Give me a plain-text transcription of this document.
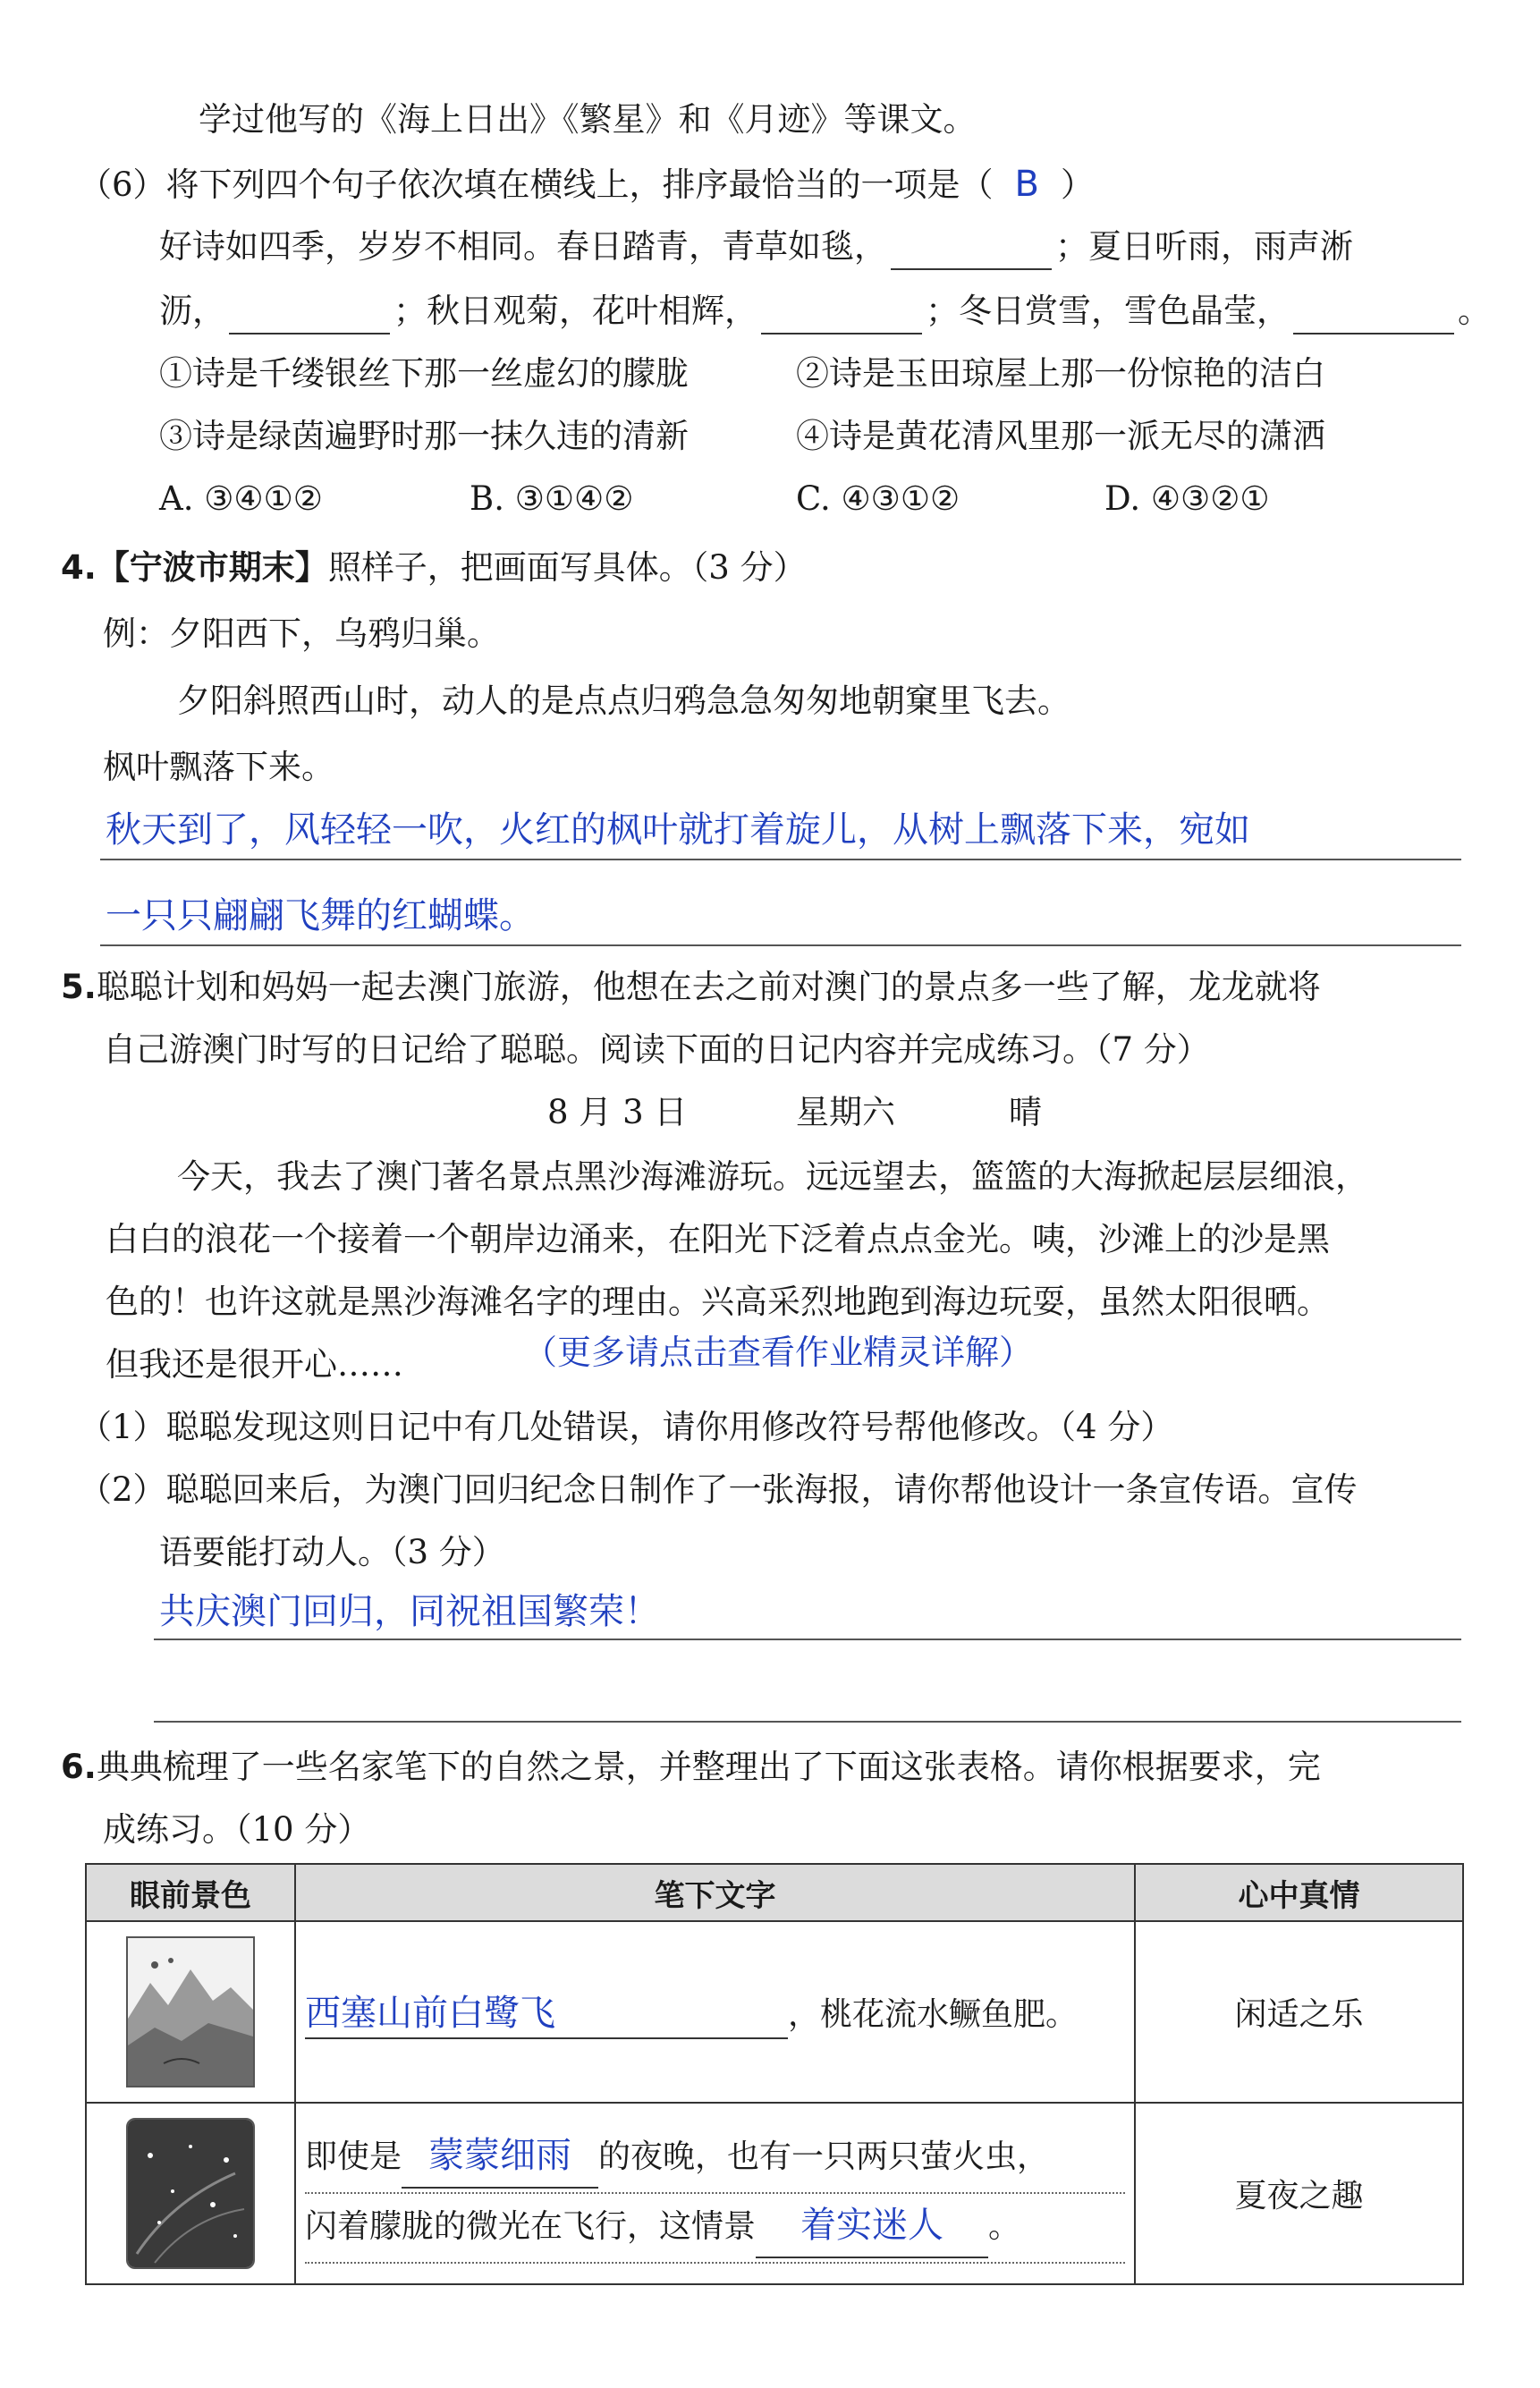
学过他写的《海上日出》《繁星》和《月迹》等课文。
（6）将下列四个句子依次填在横线上，排序最恰当的一项是（ B ）
好诗如四季，岁岁不相同。春日踏青，青草如毯，	；夏日听雨，雨声淅
沥，	；秋日观菊，花叶相辉，	；冬日赏雪，雪色晶莹，	。
①诗是千缕银丝下那一丝虚幻的朦胧	②诗是玉田琼屋上那一份惊艳的洁白
③诗是绿茵遍野时那一抹久违的清新	④诗是黄花清风里那一派无尽的潇洒
A. ③④①②	B. ③①④②	C. ④③①②	D. ④③②①
4.【宁波市期末】照样子，把画面写具体。（3 分）
例：夕阳西下，乌鸦归巢。
夕阳斜照西山时，动人的是点点归鸦急急匆匆地朝窠里飞去。
枫叶飘落下来。
秋天到了，风轻轻一吹，火红的枫叶就打着旋儿，从树上飘落下来，宛如
一只只翩翩飞舞的红蝴蝶。
5.聪聪计划和妈妈一起去澳门旅游，他想在去之前对澳门的景点多一些了解，龙龙就将
自己游澳门时写的日记给了聪聪。阅读下面的日记内容并完成练习。（7 分）
8 月 3 日	星期六	晴
今天，我去了澳门著名景点黑沙海滩游玩。远远望去，篮篮的大海掀起层层细浪，
白白的浪花一个接着一个朝岸边涌来，在阳光下泛着点点金光。咦，沙滩上的沙是黑
色的！也许这就是黑沙海滩名字的理由。兴高采烈地跑到海边玩耍，虽然太阳很晒。
但我还是很开心……	（更多请点击查看作业精灵详解）
（1）聪聪发现这则日记中有几处错误，请你用修改符号帮他修改。（4 分）
（2）聪聪回来后，为澳门回归纪念日制作了一张海报，请你帮他设计一条宣传语。宣传
语要能打动人。（3 分）
共庆澳门回归，同祝祖国繁荣！
6.典典梳理了一些名家笔下的自然之景，并整理出了下面这张表格。请你根据要求，完
成练习。（10 分）
眼前景色	笔下文字	心中真情

	西塞山前白鹭飞 ，桃花流水鳜鱼肥。	闲适之乐

即使是 蒙蒙细雨 的夜晚，也有一只两只萤火虫，
闪着朦胧的微光在飞行，这情景 着实迷人 。	夏夜之趣
